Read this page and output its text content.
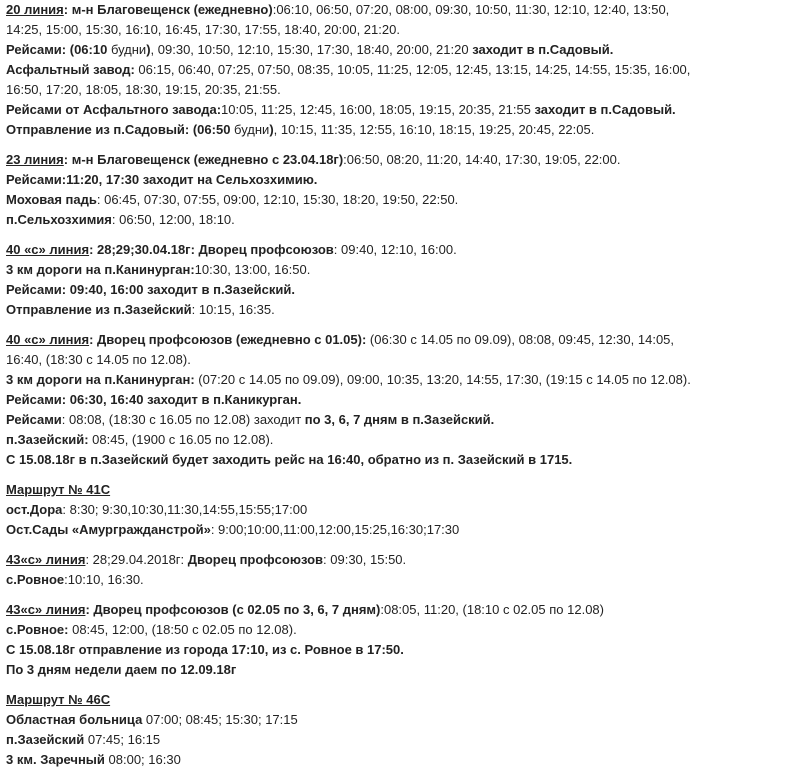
20 линия: м-н Благовещенск (ежедневно):06:10, 06:50, 07:20, 08:00, 09:30, 10:50, 11:30, 12:10, 12:40, 13:50,

14:25, 15:00, 15:30, 16:10, 16:45, 17:30, 17:55, 18:40, 20:00, 21:20.

Рейсами: (06:10 будни), 09:30, 10:50, 12:10, 15:30, 17:30, 18:40, 20:00, 21:20 заходит в п.Садовый.

Асфальтный завод: 06:15, 06:40, 07:25, 07:50, 08:35, 10:05, 11:25, 12:05, 12:45, 13:15, 14:25, 14:55, 15:35, 16:00,

16:50, 17:20, 18:05, 18:30, 19:15, 20:35, 21:55.

Рейсами от Асфальтного завода:10:05, 11:25, 12:45, 16:00, 18:05, 19:15, 20:35, 21:55 заходит в п.Садовый.

Отправление из п.Садовый: (06:50 будни), 10:15, 11:35, 12:55, 16:10, 18:15, 19:25, 20:45, 22:05.

23 линия: м-н Благовещенск (ежедневно с 23.04.18г):06:50, 08:20, 11:20, 14:40, 17:30, 19:05, 22:00.

Рейсами:11:20, 17:30 заходит на Сельхозхимию.

Моховая падь: 06:45, 07:30, 07:55, 09:00, 12:10, 15:30, 18:20, 19:50, 22:50.

п.Сельхозхимия: 06:50, 12:00, 18:10.

40 «с» линия: 28;29;30.04.18г: Дворец профсоюзов: 09:40, 12:10, 16:00.

3 км дороги на п.Канинурган:10:30, 13:00, 16:50.

Рейсами: 09:40, 16:00 заходит в п.Зазейский.

Отправление из п.Зазейский: 10:15, 16:35.

40 «с» линия: Дворец профсоюзов (ежедневно с 01.05): (06:30 с 14.05 по 09.09), 08:08, 09:45, 12:30, 14:05,

16:40, (18:30 с 14.05 по 12.08).

3 км дороги на п.Канинурган: (07:20 с 14.05 по 09.09), 09:00, 10:35, 13:20, 14:55, 17:30, (19:15 с 14.05 по 12.08).

Рейсами: 06:30, 16:40 заходит в п.Каникурган.

Рейсами: 08:08, (18:30 с 16.05 по 12.08) заходит по 3, 6, 7 дням в п.Зазейский.

п.Зазейский: 08:45, (1900 с 16.05 по 12.08).

С 15.08.18г в п.Зазейский будет заходить рейс на 16:40, обратно из п. Зазейский в 1715.

Маршрут № 41С

ост.Дора: 8:30; 9:30,10:30,11:30,14:55,15:55;17:00

Ост.Сады «Амургражданстрой»: 9:00;10:00,11:00,12:00,15:25,16:30;17:30

43«с» линия: 28;29.04.2018г: Дворец профсоюзов: 09:30, 15:50.

с.Ровное:10:10, 16:30.

43«с» линия: Дворец профсоюзов (с 02.05 по 3, 6, 7 дням):08:05, 11:20, (18:10 с 02.05 по 12.08)

с.Ровное: 08:45, 12:00, (18:50 с 02.05 по 12.08).

С 15.08.18г отправление из города 17:10, из с. Ровное в 17:50.

По 3 дням недели даем по 12.09.18г

Маршрут № 46С

Областная больница 07:00; 08:45; 15:30; 17:15

п.Зазейский 07:45; 16:15

3 км. Заречный 08:00; 16:30
